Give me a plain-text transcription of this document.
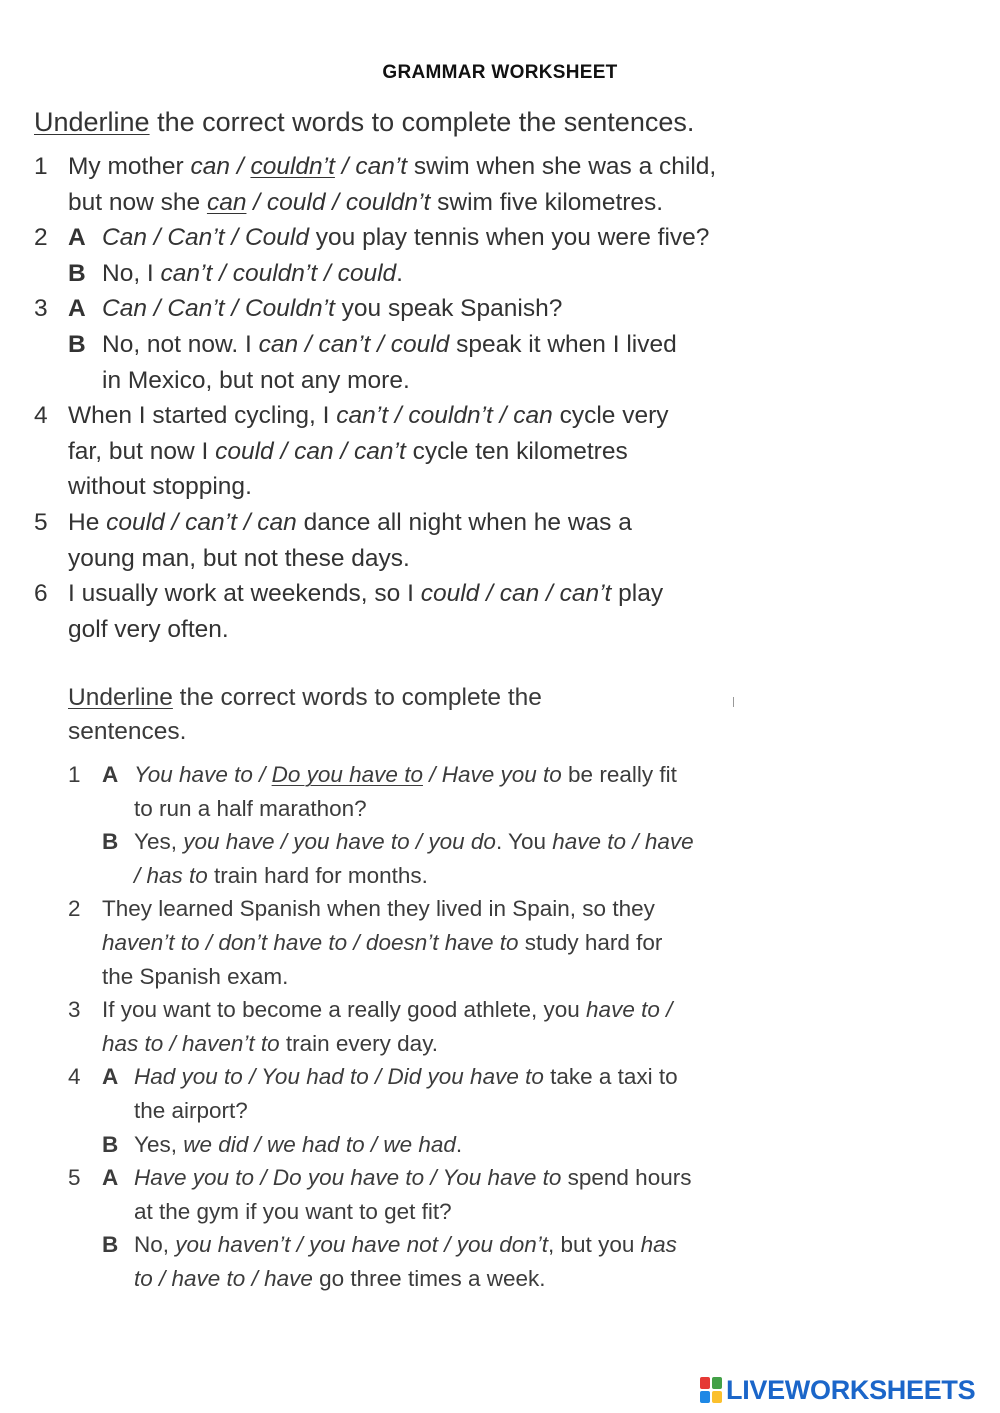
GRAMMAR WORKSHEET
Underline the correct words to complete the sentences.
1 My mother can / couldn’t / can’t swim when she was a child,
but now she can / could / couldn’t swim five kilometres.
2 A Can / Can’t / Could you play tennis when you were five?
B No, I can’t / couldn’t / could.
3 A Can / Can’t / Couldn’t you speak Spanish?
B No, not now. I can / can’t / could speak it when I lived
in Mexico, but not any more.
4 When I started cycling, I can’t / couldn’t / can cycle very
far, but now I could / can / can’t cycle ten kilometres
without stopping.
5 He could / can’t / can dance all night when he was a
young man, but not these days.
6 I usually work at weekends, so I could / can / can’t play
golf very often.
Underline the correct words to complete the
sentences.
1 A You have to / Do you have to / Have you to be really fit
to run a half marathon?
B Yes, you have / you have to / you do. You have to / have
/ has to train hard for months.
2 They learned Spanish when they lived in Spain, so they
haven’t to / don’t have to / doesn’t have to study hard for
the Spanish exam.
3 If you want to become a really good athlete, you have to /
has to / haven’t to train every day.
4 A Had you to / You had to / Did you have to take a taxi to
the airport?
B Yes, we did / we had to / we had.
5 A Have you to / Do you have to / You have to spend hours
at the gym if you want to get fit?
B No, you haven’t / you have not / you don’t, but you has
to / have to / have go three times a week.
LIVEWORKSHEETS
